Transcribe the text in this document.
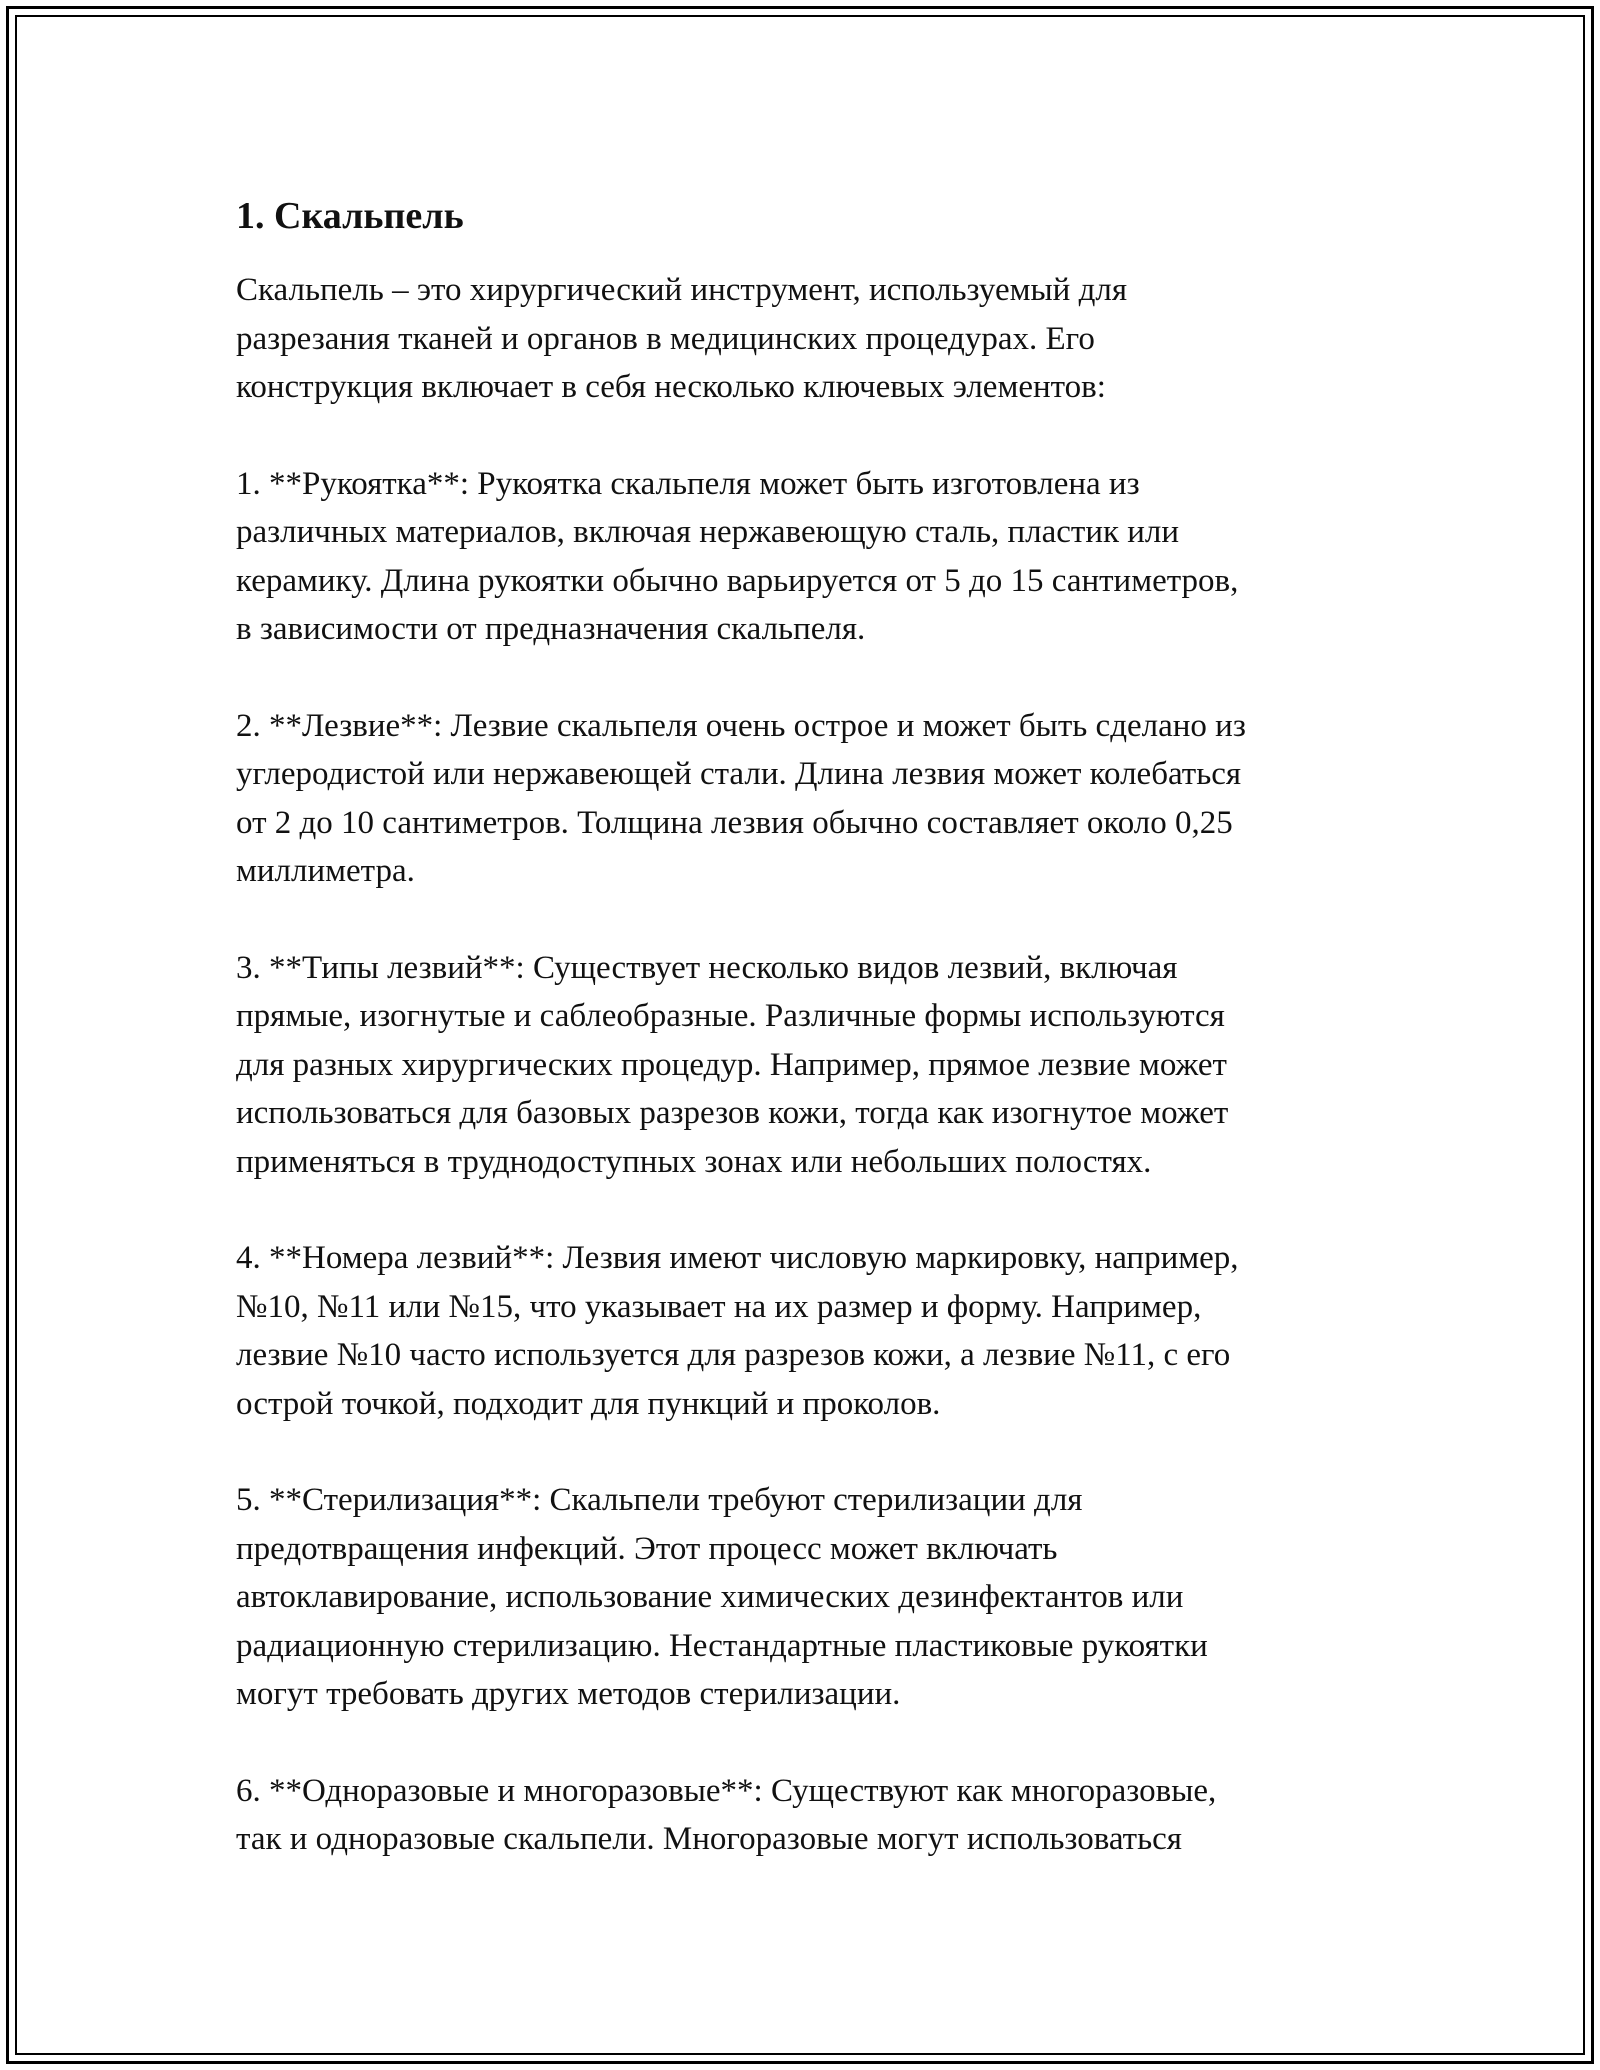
1. Скальпель

Скальпель – это хирургический инструмент, используемый для
разрезания тканей и органов в медицинских процедурах. Его
конструкция включает в себя несколько ключевых элементов:

1. **Рукоятка**: Рукоятка скальпеля может быть изготовлена из
различных материалов, включая нержавеющую сталь, пластик или
керамику. Длина рукоятки обычно варьируется от 5 до 15 сантиметров,
в зависимости от предназначения скальпеля.

2. **Лезвие**: Лезвие скальпеля очень острое и может быть сделано из
углеродистой или нержавеющей стали. Длина лезвия может колебаться
от 2 до 10 сантиметров. Толщина лезвия обычно составляет около 0,25
миллиметра.

3. **Типы лезвий**: Существует несколько видов лезвий, включая
прямые, изогнутые и саблеобразные. Различные формы используются
для разных хирургических процедур. Например, прямое лезвие может
использоваться для базовых разрезов кожи, тогда как изогнутое может
применяться в труднодоступных зонах или небольших полостях.

4. **Номера лезвий**: Лезвия имеют числовую маркировку, например,
№10, №11 или №15, что указывает на их размер и форму. Например,
лезвие №10 часто используется для разрезов кожи, а лезвие №11, с его
острой точкой, подходит для пункций и проколов.

5. **Стерилизация**: Скальпели требуют стерилизации для
предотвращения инфекций. Этот процесс может включать
автоклавирование, использование химических дезинфектантов или
радиационную стерилизацию. Нестандартные пластиковые рукоятки
могут требовать других методов стерилизации.

6. **Одноразовые и многоразовые**: Существуют как многоразовые,
так и одноразовые скальпели. Многоразовые могут использоваться
